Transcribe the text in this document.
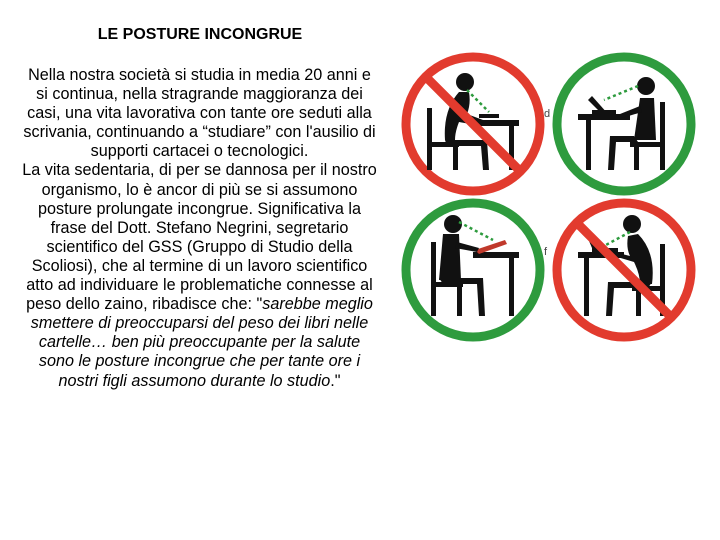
LE POSTURE INCONGRUE

Nella nostra società si studia in media 20 anni e si continua, nella stragrande maggioranza dei casi, una vita lavorativa con tante ore seduti alla scrivania, continuando a “studiare” con l'ausilio di supporti cartacei o tecnologici.

La vita sedentaria, di per se dannosa per il nostro organismo, lo è ancor di più se si assumono posture prolungate incongrue. Significativa la frase del Dott. Stefano Negrini, segretario scientifico del GSS (Gruppo di Studio della Scoliosi), che al termine di un lavoro scientifico atto ad individuare le problematiche connesse al peso dello zaino, ribadisce che: "sarebbe meglio smettere di preoccuparsi del peso dei libri nelle cartelle… ben più preoccupante per la salute sono le posture incongrue che per tante ore i nostri figli assumono durante lo studio."

d
f
